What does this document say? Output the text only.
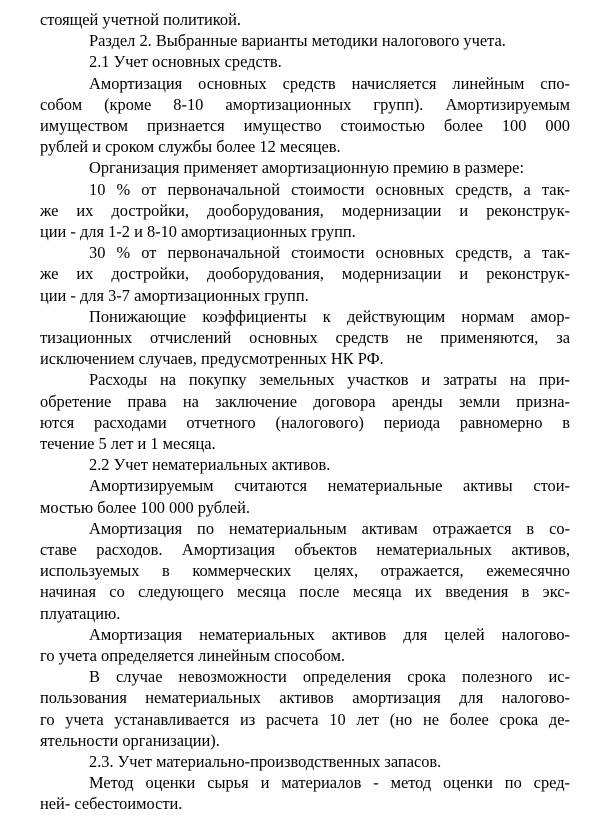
стоящей учетной политикой.
Раздел 2. Выбранные варианты методики налогового учета.
2.1 Учет основных средств.
Амортизация основных средств начисляется линейным спо-
собом (кроме 8-10 амортизационных групп). Амортизируемым
имуществом признается имущество стоимостью более 100 000
рублей и сроком службы более 12 месяцев.
Организация применяет амортизационную премию в размере:
10 % от первоначальной стоимости основных средств, а так-
же их достройки, дооборудования, модернизации и реконструк-
ции - для 1-2 и 8-10 амортизационных групп.
30 % от первоначальной стоимости основных средств, а так-
же их достройки, дооборудования, модернизации и реконструк-
ции - для 3-7 амортизационных групп.
Понижающие коэффициенты к действующим нормам амор-
тизационных отчислений основных средств не применяются, за
исключением случаев, предусмотренных НК РФ.
Расходы на покупку земельных участков и затраты на при-
обретение права на заключение договора аренды земли призна-
ются расходами отчетного (налогового) периода равномерно в
течение 5 лет и 1 месяца.
2.2 Учет нематериальных активов.
Амортизируемым считаются нематериальные активы стои-
мостью более 100 000 рублей.
Амортизация по нематериальным активам отражается в со-
ставе расходов. Амортизация объектов нематериальных активов,
используемых в коммерческих целях, отражается, ежемесячно
начиная со следующего месяца после месяца их введения в экс-
плуатацию.
Амортизация нематериальных активов для целей налогово-
го учета определяется линейным способом.
В случае невозможности определения срока полезного ис-
пользования нематериальных активов амортизация для налогово-
го учета устанавливается из расчета 10 лет (но не более срока де-
ятельности организации).
2.3. Учет материально-производственных запасов.
Метод оценки сырья и материалов - метод оценки по сред-
ней- себестоимости.
